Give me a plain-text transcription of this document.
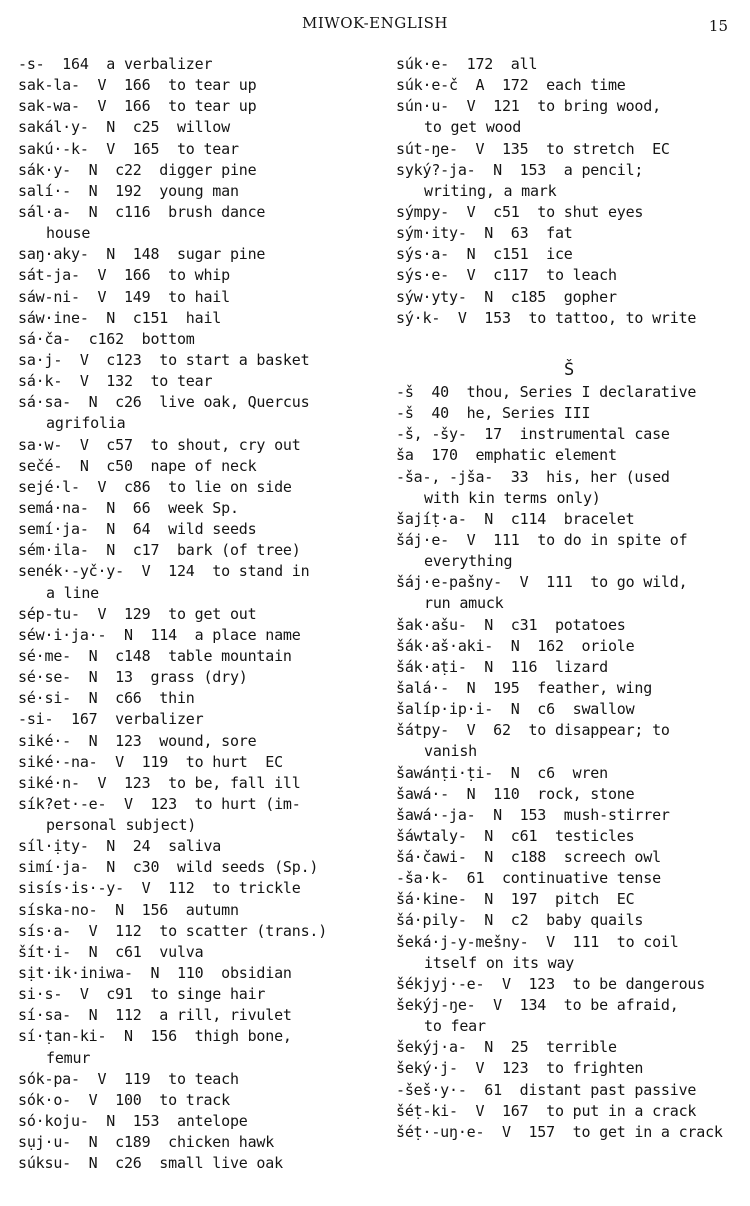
MIWOK-ENGLISH	15
-s-  164  a verbalizer
sak-la-  V  166  to tear up
sak-wa-  V  166  to tear up
sakál·y-  N  c25  willow
sakú·-k-  V  165  to tear
sák·y-  N  c22  digger pine
salí·-  N  192  young man
sál·a-  N  c116  brush dance
house
saŋ·aky-  N  148  sugar pine
sát-ja-  V  166  to whip
sáw-ni-  V  149  to hail
sáw·ine-  N  c151  hail
sá·ča-  c162  bottom
sa·j-  V  c123  to start a basket
sá·k-  V  132  to tear
sá·sa-  N  c26  live oak, Quercus
agrifolia
sa·w-  V  c57  to shout, cry out
sečé-  N  c50  nape of neck
sejé·l-  V  c86  to lie on side
semá·na-  N  66  week Sp.
semí·ja-  N  64  wild seeds
sém·ila-  N  c17  bark (of tree)
senék·-yč·y-  V  124  to stand in
a line
sép-tu-  V  129  to get out
séw·i·ja·-  N  114  a place name
sé·me-  N  c148  table mountain
sé·se-  N  13  grass (dry)
sé·si-  N  c66  thin
-si-  167  verbalizer
siké·-  N  123  wound, sore
siké·-na-  V  119  to hurt  EC
siké·n-  V  123  to be, fall ill
sík?et·-e-  V  123  to hurt (im-
personal subject)
síl·ịty-  N  24  saliva
simí·ja-  N  c30  wild seeds (Sp.)
sisís·is·-y-  V  112  to trickle
síska-no-  N  156  autumn
sís·a-  V  112  to scatter (trans.)
šít·i-  N  c61  vulva
sịt·ik·iniwa-  N  110  obsidian
si·s-  V  c91  to singe hair
sí·sa-  N  112  a rill, rivulet
sí·ṭan-ki-  N  156  thigh bone,
femur
sók-pa-  V  119  to teach
sók·o-  V  100  to track
só·koju-  N  153  antelope
sụj·u-  N  c189  chicken hawk
súksu-  N  c26  small live oak
súk·e-  172  all
súk·e-č  A  172  each time
sún·u-  V  121  to bring wood,
to get wood
sút-ŋe-  V  135  to stretch  EC
syký?-ja-  N  153  a pencil;
writing, a mark
sýmpy-  V  c51  to shut eyes
sým·ity-  N  63  fat
sýs·a-  N  c151  ice
sýs·e-  V  c117  to leach
sýw·yty-  N  c185  gopher
sý·k-  V  153  to tattoo, to write
Š
-š  40  thou, Series I declarative
-š  40  he, Series III
-š, -šy-  17  instrumental case
ša  170  emphatic element
-ša-, -jša-  33  his, her (used
with kin terms only)
šajíṭ·a-  N  c114  bracelet
šáj·e-  V  111  to do in spite of
everything
šáj·e-pašny-  V  111  to go wild,
run amuck
šak·ašu-  N  c31  potatoes
šák·aš·aki-  N  162  oriole
šák·aṭi-  N  116  lizard
šalá·-  N  195  feather, wing
šalíp·ip·i-  N  c6  swallow
šátpy-  V  62  to disappear; to
vanish
šawánṭi·ṭi-  N  c6  wren
šawá·-  N  110  rock, stone
šawá·-ja-  N  153  mush-stirrer
šáwtaly-  N  c61  testicles
šá·čawi-  N  c188  screech owl
-ša·k-  61  continuative tense
šá·kine-  N  197  pitch  EC
šá·pily-  N  c2  baby quails
šeká·j-y-mešny-  V  111  to coil
itself on its way
šékjyj·-e-  V  123  to be dangerous
šekýj-ŋe-  V  134  to be afraid,
to fear
šekýj·a-  N  25  terrible
šeký·j-  V  123  to frighten
-šeš·y·-  61  distant past passive
šéṭ-ki-  V  167  to put in a crack
šéṭ·-uŋ·e-  V  157  to get in a crack
